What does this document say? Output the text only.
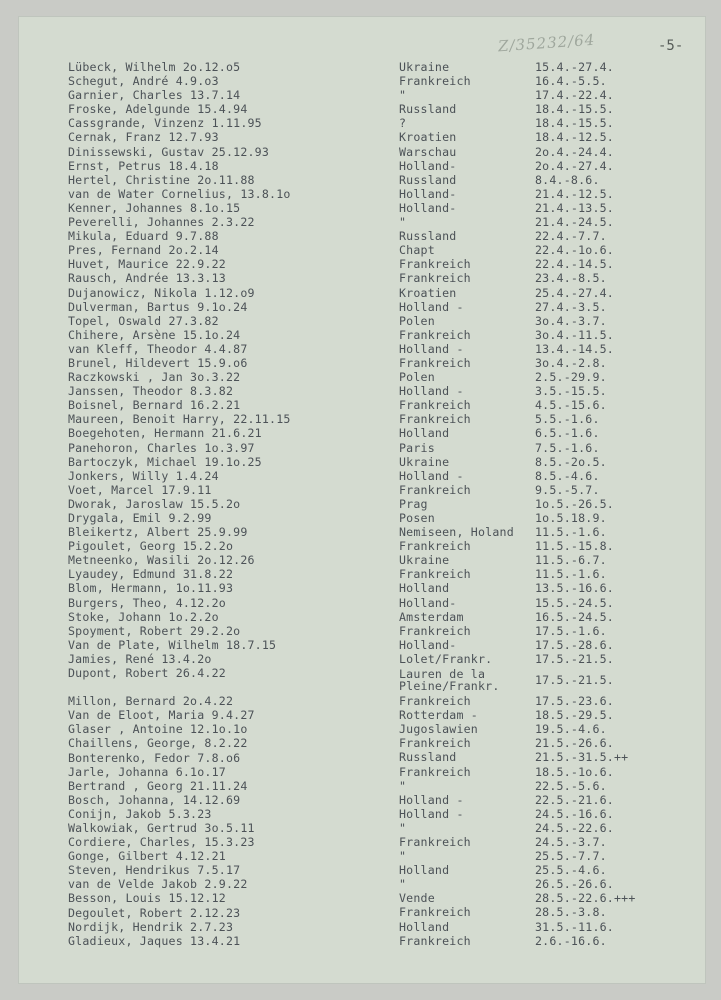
Z/35232/64	-5-
Lübeck, Wilhelm 2o.12.o5
Schegut, André 4.9.o3
Garnier, Charles 13.7.14
Froske, Adelgunde 15.4.94
Cassgrande, Vinzenz 1.11.95
Cernak, Franz 12.7.93
Dinissewski, Gustav 25.12.93
Ernst, Petrus 18.4.18
Hertel, Christine 2o.11.88
van de Water Cornelius, 13.8.1o
Kenner, Johannes 8.1o.15
Peverelli, Johannes 2.3.22
Mikula, Eduard 9.7.88
Pres, Fernand 2o.2.14
Huvet, Maurice 22.9.22
Rausch, Andrée 13.3.13
Dujanowicz, Nikola 1.12.o9
Dulverman, Bartus 9.1o.24
Topel, Oswald 27.3.82
Chihere, Arsène 15.1o.24
van Kleff, Theodor 4.4.87
Brunel, Hildevert 15.9.o6
Raczkowski , Jan 3o.3.22
Janssen, Theodor 8.3.82
Boisnel, Bernard 16.2.21
Maureen, Benoit Harry, 22.11.15
Boegehoten, Hermann 21.6.21
Panehoron, Charles 1o.3.97
Bartoczyk, Michael 19.1o.25
Jonkers, Willy 1.4.24
Voet, Marcel 17.9.11
Dworak, Jaroslaw 15.5.2o
Drygala, Emil 9.2.99
Bleikertz, Albert 25.9.99
Pigoulet, Georg 15.2.2o
Metneenko, Wasili 2o.12.26
Lyaudey, Edmund 31.8.22
Blom, Hermann, 1o.11.93
Burgers, Theo, 4.12.2o
Stoke, Johann 1o.2.2o
Spoyment, Robert 29.2.2o
Van de Plate, Wilhelm 18.7.15
Jamies, René 13.4.2o
Dupont, Robert 26.4.22
Millon, Bernard 2o.4.22
Van de Eloot, Maria 9.4.27
Glaser , Antoine 12.1o.1o
Chaillens, George, 8.2.22
Bonterenko, Fedor 7.8.o6
Jarle, Johanna 6.1o.17
Bertrand , Georg 21.11.24
Bosch, Johanna, 14.12.69
Conijn, Jakob 5.3.23
Walkowiak, Gertrud 3o.5.11
Cordiere, Charles, 15.3.23
Gonge, Gilbert 4.12.21
Steven, Hendrikus 7.5.17
van de Velde Jakob 2.9.22
Besson, Louis 15.12.12
Degoulet, Robert 2.12.23
Nordijk, Hendrik 2.7.23
Gladieux, Jaques 13.4.21
Ukraine
Frankreich
"
Russland
?
Kroatien
Warschau
Holland-
Russland
Holland-
Holland-
"
Russland
Chapt
Frankreich
Frankreich
Kroatien
Holland -
Polen
Frankreich
Holland -
Frankreich
Polen
Holland -
Frankreich
Frankreich
Holland
Paris
Ukraine
Holland -
Frankreich
Prag
Posen
Nemiseen, Holand
Frankreich
Ukraine
Frankreich
Holland
Holland-
Amsterdam
Frankreich
Holland-
Lolet/Frankr.
Lauren de la Pleine/Frankr.
Frankreich
Rotterdam -
Jugoslawien
Frankreich
Russland
Frankreich
"
Holland -
Holland -
"
Frankreich
"
Holland
"
Vende
Frankreich
Holland
Frankreich
15.4.-27.4.
16.4.-5.5.
17.4.-22.4.
18.4.-15.5.
18.4.-15.5.
18.4.-12.5.
2o.4.-24.4.
2o.4.-27.4.
8.4.-8.6.
21.4.-12.5.
21.4.-13.5.
21.4.-24.5.
22.4.-7.7.
22.4.-1o.6.
22.4.-14.5.
23.4.-8.5.
25.4.-27.4.
27.4.-3.5.
3o.4.-3.7.
3o.4.-11.5.
13.4.-14.5.
3o.4.-2.8.
2.5.-29.9.
3.5.-15.5.
4.5.-15.6.
5.5.-1.6.
6.5.-1.6.
7.5.-1.6.
8.5.-2o.5.
8.5.-4.6.
9.5.-5.7.
1o.5.-26.5.
1o.5.18.9.
11.5.-1.6.
11.5.-15.8.
11.5.-6.7.
11.5.-1.6.
13.5.-16.6.
15.5.-24.5.
16.5.-24.5.
17.5.-1.6.
17.5.-28.6.
17.5.-21.5.
17.5.-21.5.
17.5.-23.6.
18.5.-29.5.
19.5.-4.6.
21.5.-26.6.
21.5.-31.5.++
18.5.-1o.6.
22.5.-5.6.
22.5.-21.6.
24.5.-16.6.
24.5.-22.6.
24.5.-3.7.
25.5.-7.7.
25.5.-4.6.
26.5.-26.6.
28.5.-22.6.+++
28.5.-3.8.
31.5.-11.6.
2.6.-16.6.
